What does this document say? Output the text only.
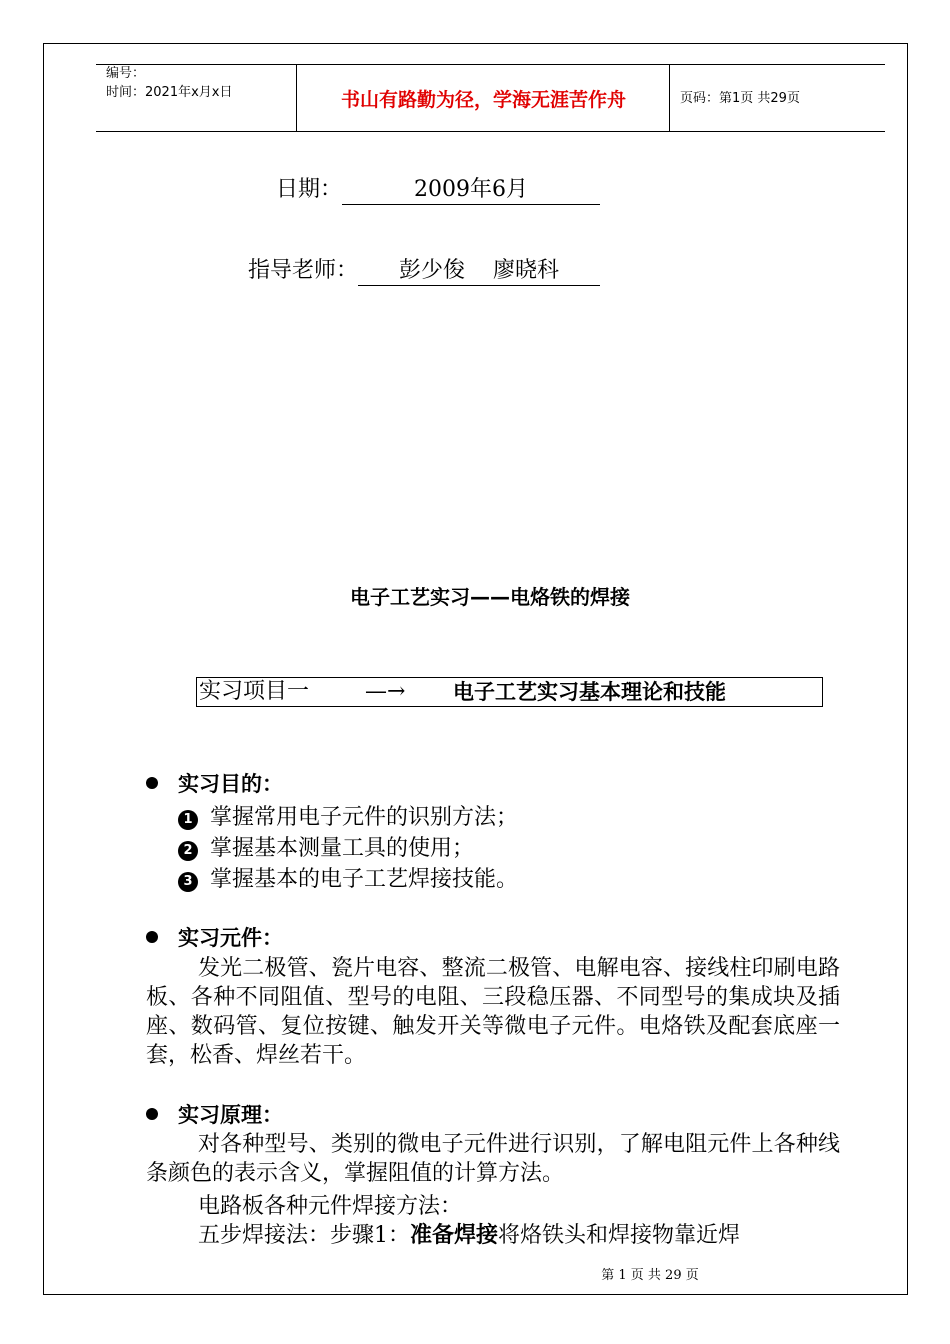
编号：
时间：2021年x月x日	书山有路勤为径，学海无涯苦作舟	页码：第1页 共29页
日期：	2009年6月
指导老师： 彭少俊    廖晓科
电子工艺实习——电烙铁的焊接
实习项目一	—→ 电子工艺实习基本理论和技能
实习目的：
1 掌握常用电子元件的识别方法；
2 掌握基本测量工具的使用；
3 掌握基本的电子工艺焊接技能。
实习元件：
发光二极管、瓷片电容、整流二极管、电解电容、接线柱印刷电路板、各种不同阻值、型号的电阻、三段稳压器、不同型号的集成块及插座、数码管、复位按键、触发开关等微电子元件。电烙铁及配套底座一套，松香、焊丝若干。
实习原理：
对各种型号、类别的微电子元件进行识别，了解电阻元件上各种线条颜色的表示含义，掌握阻值的计算方法。
电路板各种元件焊接方法：
五步焊接法：步骤1：准备焊接将烙铁头和焊接物靠近焊
第 1 页 共 29 页
